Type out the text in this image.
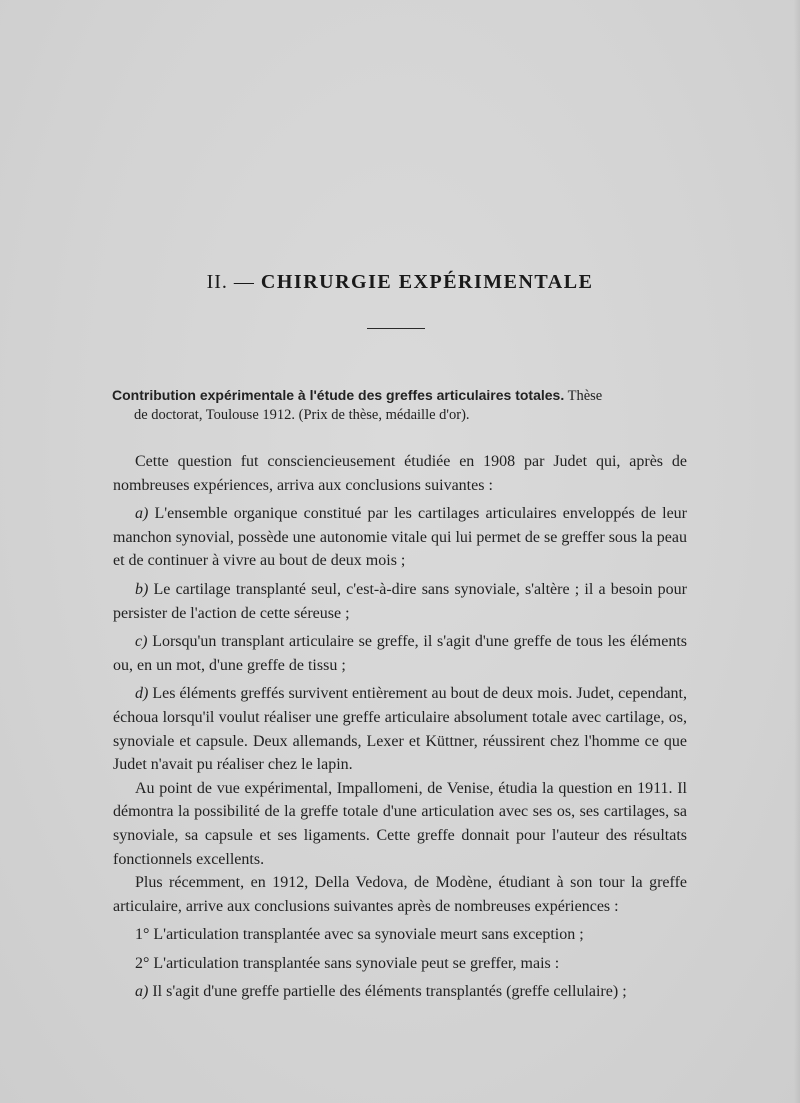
II. — CHIRURGIE EXPÉRIMENTALE
Contribution expérimentale à l'étude des greffes articulaires totales. Thèse
de doctorat, Toulouse 1912. (Prix de thèse, médaille d'or).

Cette question fut consciencieusement étudiée en 1908 par Judet qui, après de nombreuses expériences, arriva aux conclusions suivantes :

a) L'ensemble organique constitué par les cartilages articulaires enveloppés de leur manchon synovial, possède une autonomie vitale qui lui permet de se greffer sous la peau et de continuer à vivre au bout de deux mois ;

b) Le cartilage transplanté seul, c'est-à-dire sans synoviale, s'altère ; il a besoin pour persister de l'action de cette séreuse ;

c) Lorsqu'un transplant articulaire se greffe, il s'agit d'une greffe de tous les éléments ou, en un mot, d'une greffe de tissu ;

d) Les éléments greffés survivent entièrement au bout de deux mois. Judet, cependant, échoua lorsqu'il voulut réaliser une greffe articulaire absolument totale avec cartilage, os, synoviale et capsule. Deux allemands, Lexer et Küttner, réussirent chez l'homme ce que Judet n'avait pu réaliser chez le lapin.

Au point de vue expérimental, Impallomeni, de Venise, étudia la question en 1911. Il démontra la possibilité de la greffe totale d'une articulation avec ses os, ses cartilages, sa synoviale, sa capsule et ses ligaments. Cette greffe donnait pour l'auteur des résultats fonctionnels excellents.

Plus récemment, en 1912, Della Vedova, de Modène, étudiant à son tour la greffe articulaire, arrive aux conclusions suivantes après de nombreuses expériences :

1° L'articulation transplantée avec sa synoviale meurt sans exception ;

2° L'articulation transplantée sans synoviale peut se greffer, mais :

a) Il s'agit d'une greffe partielle des éléments transplantés (greffe cellulaire) ;
